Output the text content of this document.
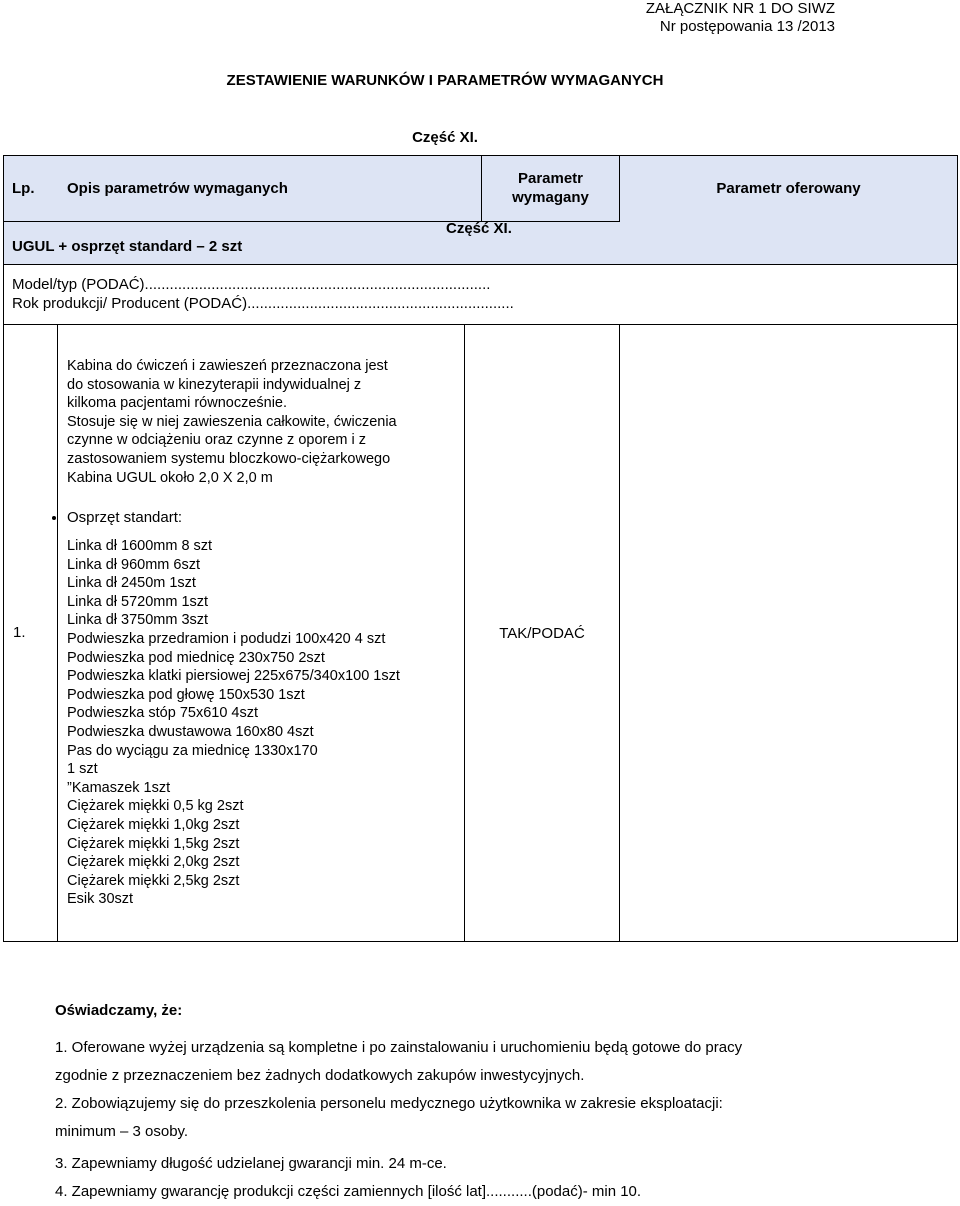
ZAŁĄCZNIK NR 1 DO SIWZ
Nr postępowania 13 /2013
ZESTAWIENIE WARUNKÓW I PARAMETRÓW WYMAGANYCH
Część XI.
Lp. Opis parametrów wymaganych
Parametr
wymagany
Parametr oferowany
UGUL + osprzęt standard – 2 szt
Część XI.
Model/typ (PODAĆ)...................................................................................
Rok produkcji/ Producent (PODAĆ)................................................................
1.
Kabina do ćwiczeń i zawieszeń przeznaczona jest
do stosowania w kinezyterapii indywidualnej z
kilkoma pacjentami równocześnie.
Stosuje się w niej zawieszenia całkowite, ćwiczenia
czynne w odciążeniu oraz czynne z oporem i z
zastosowaniem systemu bloczkowo-ciężarkowego
Kabina UGUL około 2,0 X 2,0 m
• Osprzęt standart:
Linka dł 1600mm 8 szt
Linka dł 960mm 6szt
Linka dł 2450m 1szt
Linka dł 5720mm 1szt
Linka dł 3750mm 3szt
Podwieszka przedramion i podudzi 100x420 4 szt
Podwieszka pod miednicę 230x750 2szt
Podwieszka klatki piersiowej 225x675/340x100 1szt
Podwieszka pod głowę 150x530 1szt
Podwieszka stóp 75x610 4szt
Podwieszka dwustawowa 160x80 4szt
Pas do wyciągu za miednicę 1330x170
1 szt
”Kamaszek 1szt
Ciężarek miękki 0,5 kg 2szt
Ciężarek miękki 1,0kg 2szt
Ciężarek miękki 1,5kg 2szt
Ciężarek miękki 2,0kg 2szt
Ciężarek miękki 2,5kg 2szt
Esik 30szt
TAK/PODAĆ
Oświadczamy, że:
1. Oferowane wyżej urządzenia są kompletne i po zainstalowaniu i uruchomieniu będą gotowe do pracy
zgodnie z przeznaczeniem bez żadnych dodatkowych zakupów inwestycyjnych.
2. Zobowiązujemy się do przeszkolenia personelu medycznego użytkownika w zakresie eksploatacji:
minimum – 3 osoby.
3. Zapewniamy długość udzielanej gwarancji min. 24 m-ce.
4. Zapewniamy gwarancję produkcji części zamiennych [ilość lat]...........(podać)- min 10.
